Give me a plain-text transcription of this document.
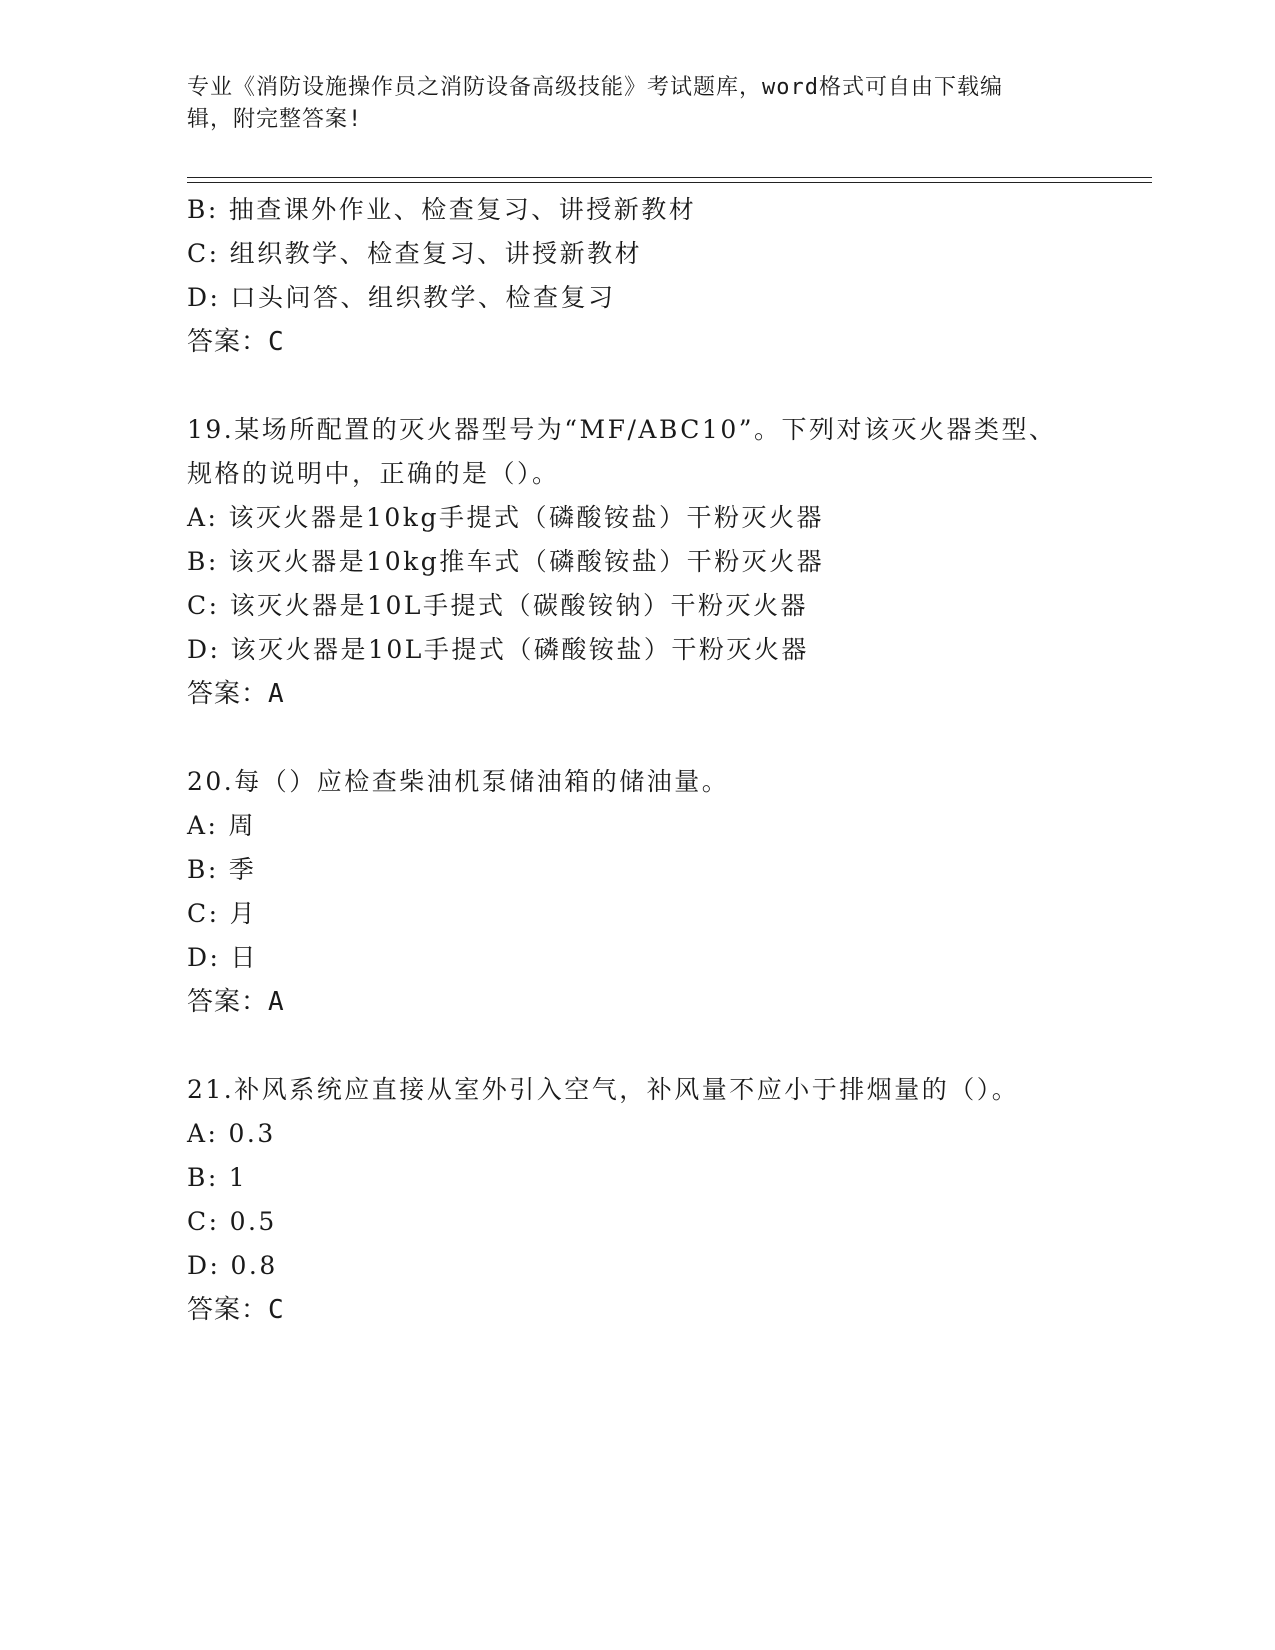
专业《消防设施操作员之消防设备高级技能》考试题库，word格式可自由下载编
辑，附完整答案!
B: 抽查课外作业、检查复习、讲授新教材
C: 组织教学、检查复习、讲授新教材
D: 口头问答、组织教学、检查复习
答案：C
19.某场所配置的灭火器型号为“MF/ABC10”。下列对该灭火器类型、
规格的说明中，正确的是（）。
A: 该灭火器是10kg手提式（磷酸铵盐）干粉灭火器
B: 该灭火器是10kg推车式（磷酸铵盐）干粉灭火器
C: 该灭火器是10L手提式（碳酸铵钠）干粉灭火器
D: 该灭火器是10L手提式（磷酸铵盐）干粉灭火器
答案：A
20.每（）应检查柴油机泵储油箱的储油量。
A: 周
B: 季
C: 月
D: 日
答案：A
21.补风系统应直接从室外引入空气，补风量不应小于排烟量的（）。
A: 0.3
B: 1
C: 0.5
D: 0.8
答案：C
